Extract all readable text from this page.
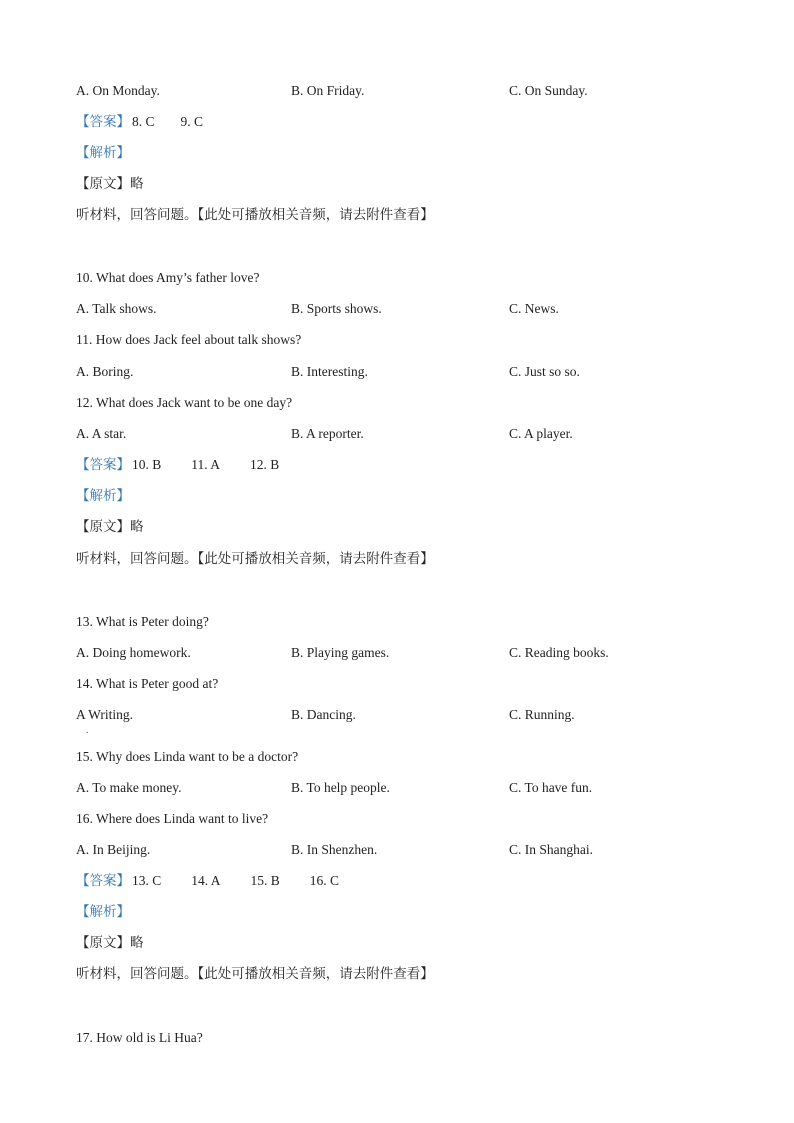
A. On Monday.	B. On Friday.	C. On Sunday.
【答案】 8. C 9. C
【解析】
【原文】略
听材料，回答问题。【此处可播放相关音频，请去附件查看】
10. What does Amy’s father love?
A. Talk shows.	B. Sports shows.	C. News.
11. How does Jack feel about talk shows?
A. Boring.	B. Interesting.	C. Just so so.
12. What does Jack want to be one day?
A. A star.	B. A reporter.	C. A player.
【答案】 10. B 11. A 12. B
【解析】
【原文】略
听材料，回答问题。【此处可播放相关音频，请去附件查看】
13. What is Peter doing?
A. Doing homework.	B. Playing games.	C. Reading books.
14. What is Peter good at?
A Writing.	B. Dancing.	C. Running.
.
15. Why does Linda want to be a doctor?
A. To make money.	B. To help people.	C. To have fun.
16. Where does Linda want to live?
A. In Beijing.	B. In Shenzhen.	C. In Shanghai.
【答案】 13. C 14. A 15. B 16. C
【解析】
【原文】略
听材料，回答问题。【此处可播放相关音频，请去附件查看】
17. How old is Li Hua?
